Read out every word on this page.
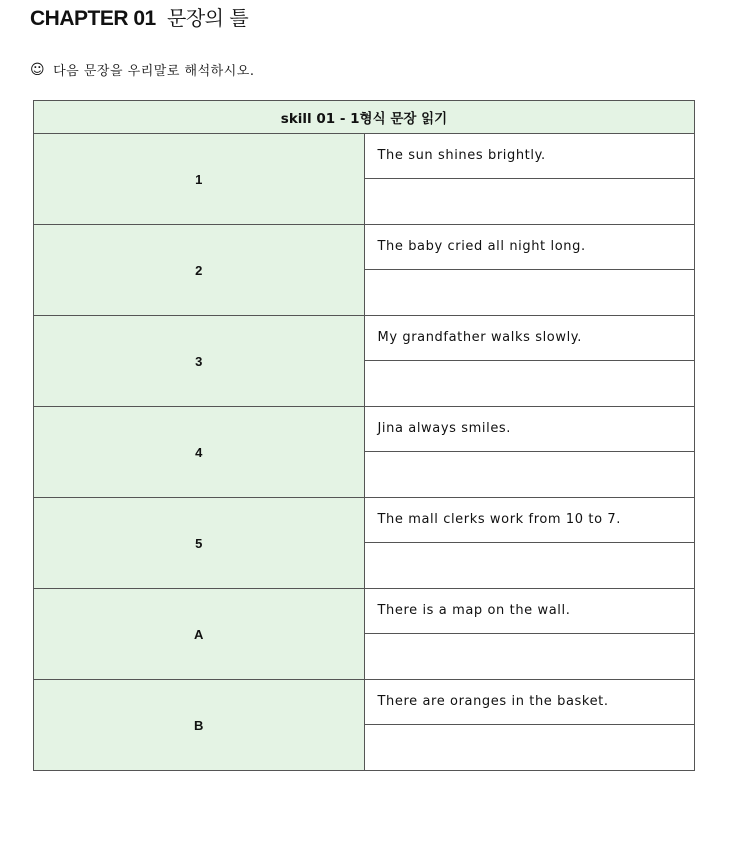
CHAPTER 01 문장의 틀
☺ 다음 문장을 우리말로 해석하시오.
skill 01 - 1형식 문장 읽기	
1	The sun shines brightly.

2	The baby cried all night long.

3	My grandfather walks slowly.

4	Jina always smiles.

5	The mall clerks work from 10 to 7.

A	There is a map on the wall.

B	There are oranges in the basket.
